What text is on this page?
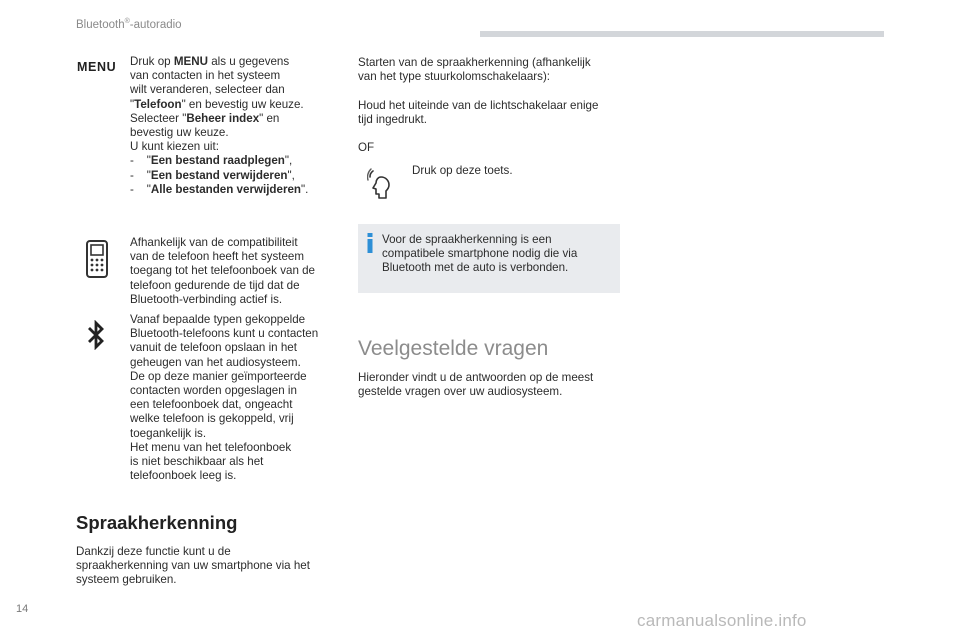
Bluetooth®-autoradio
MENU Druk op MENU als u gegevens
van contacten in het systeem
wilt veranderen, selecteer dan
"Telefoon" en bevestig uw keuze.
Selecteer "Beheer index" en
bevestig uw keuze.
U kunt kiezen uit:
-    "Een bestand raadplegen",
-    "Een bestand verwijderen",
-    "Alle bestanden verwijderen".
Afhankelijk van de compatibiliteit
van de telefoon heeft het systeem
toegang tot het telefoonboek van de
telefoon gedurende de tijd dat de
Bluetooth-verbinding actief is.
Vanaf bepaalde typen gekoppelde
Bluetooth-telefoons kunt u contacten
vanuit de telefoon opslaan in het
geheugen van het audiosysteem.
De op deze manier geïmporteerde
contacten worden opgeslagen in
een telefoonboek dat, ongeacht
welke telefoon is gekoppeld, vrij
toegankelijk is.
Het menu van het telefoonboek
is niet beschikbaar als het
telefoonboek leeg is.
Spraakherkenning
Dankzij deze functie kunt u de
spraakherkenning van uw smartphone via het
systeem gebruiken.
Starten van de spraakherkenning (afhankelijk
van het type stuurkolomschakelaars):
Houd het uiteinde van de lichtschakelaar enige
tijd ingedrukt.
OF
Druk op deze toets.
Voor de spraakherkenning is een
compatibele smartphone nodig die via
Bluetooth met de auto is verbonden.
Veelgestelde vragen
Hieronder vindt u de antwoorden op de meest
gestelde vragen over uw audiosysteem.
14
carmanualsonline.info
